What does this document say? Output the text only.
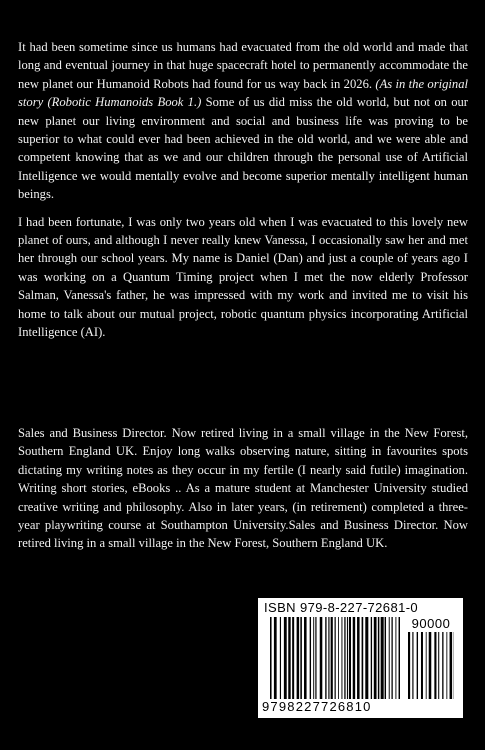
It had been sometime since us humans had evacuated from the old world and made that long and eventual journey in that huge spacecraft hotel to permanently accommodate the new planet our Humanoid Robots had found for us way back in 2026. (As in the original story (Robotic Humanoids Book 1.) Some of us did miss the old world, but not on our new planet our living environment and social and business life was proving to be superior to what could ever had been achieved in the old world, and we were able and competent knowing that as we and our children through the personal use of Artificial Intelligence we would mentally evolve and become superior mentally intelligent human beings.

I had been fortunate, I was only two years old when I was evacuated to this lovely new planet of ours, and although I never really knew Vanessa, I occasionally saw her and met her through our school years. My name is Daniel (Dan) and just a couple of years ago I was working on a Quantum Timing project when I met the now elderly Professor Salman, Vanessa's father, he was impressed with my work and invited me to visit his home to talk about our mutual project, robotic quantum physics incorporating Artificial Intelligence (AI).

Sales and Business Director. Now retired living in a small village in the New Forest, Southern England UK. Enjoy long walks observing nature, sitting in favourites spots dictating my writing notes as they occur in my fertile (I nearly said futile) imagination. Writing short stories, eBooks .. As a mature student at Manchester University studied creative writing and philosophy. Also in later years, (in retirement) completed a three-year playwriting course at Southampton University.Sales and Business Director. Now retired living in a small village in the New Forest, Southern England UK.

ISBN 979-8-227-72681-0
90000
9798227726810
